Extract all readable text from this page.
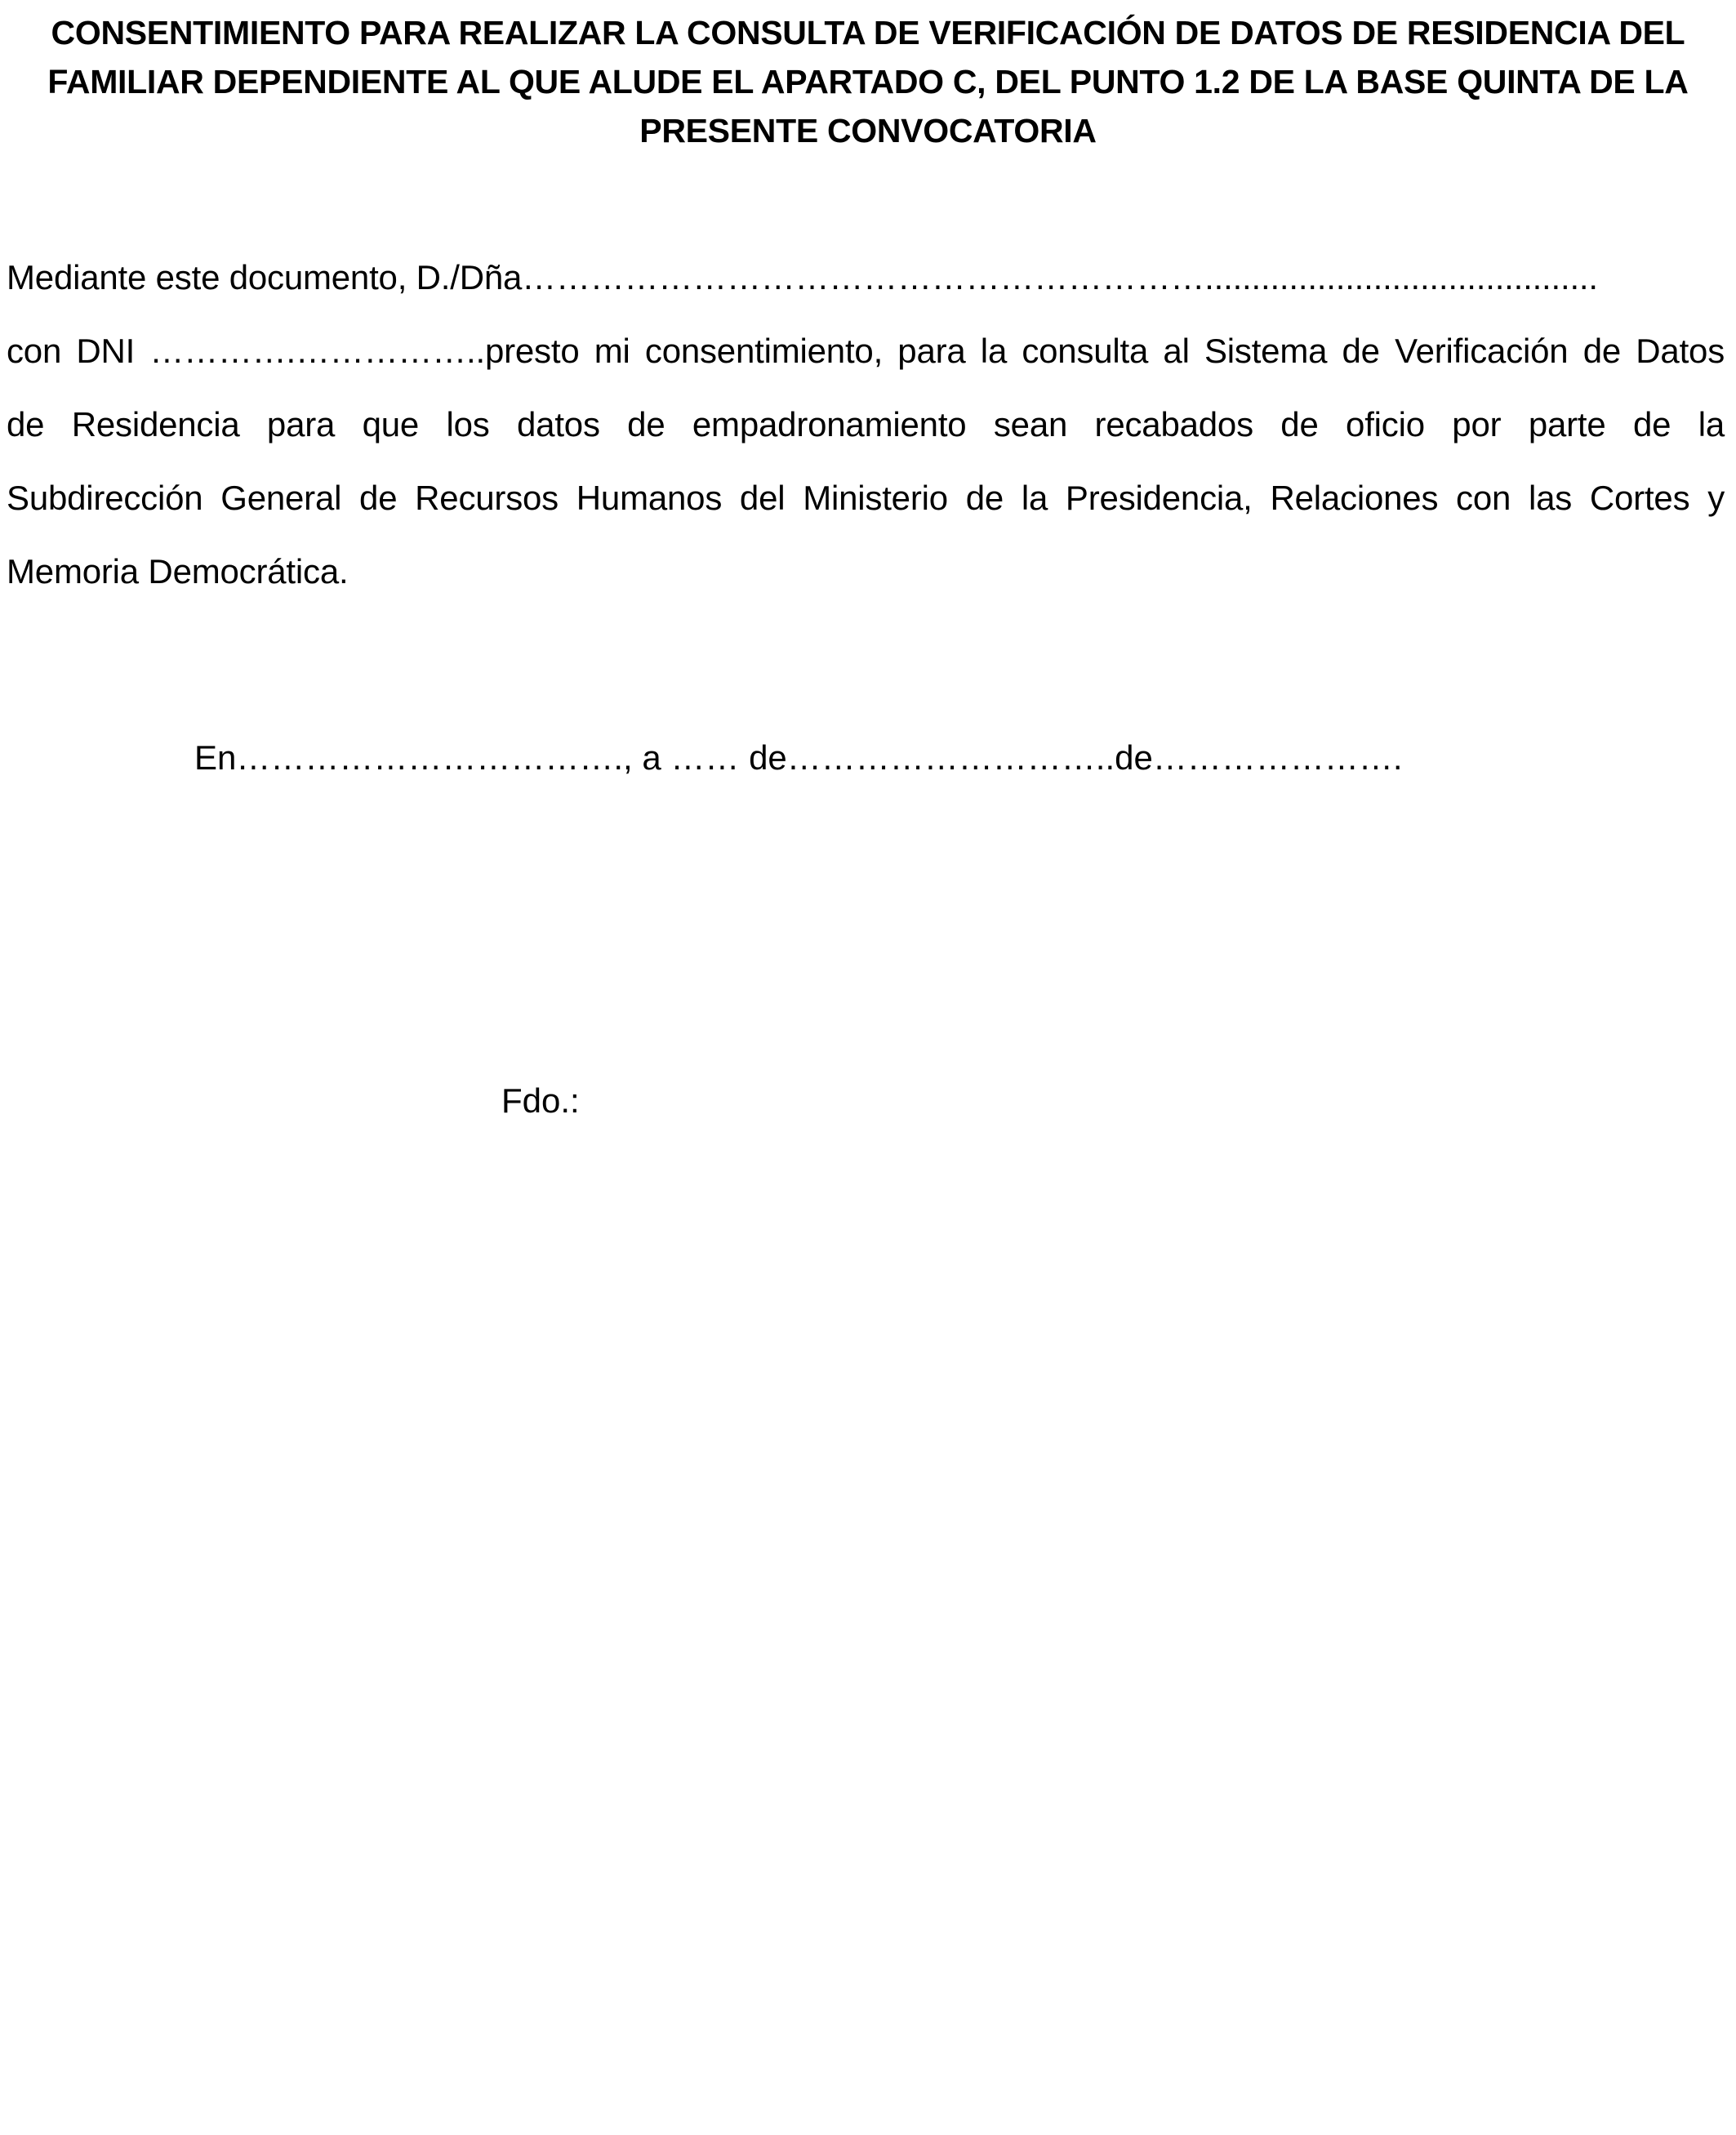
CONSENTIMIENTO PARA REALIZAR LA CONSULTA DE VERIFICACIÓN DE DATOS DE RESIDENCIA DEL
FAMILIAR DEPENDIENTE AL QUE ALUDE EL APARTADO C, DEL PUNTO 1.2 DE LA BASE QUINTA DE LA
PRESENTE CONVOCATORIA
Mediante este documento, D./Dña……………………………………………………..........................................
con DNI ………….……………..presto mi consentimiento, para la consulta al Sistema de Verificación de Datos
de Residencia para que los datos de empadronamiento sean recabados de oficio por parte de la
Subdirección General de Recursos Humanos del Ministerio de la Presidencia, Relaciones con las Cortes y
Memoria Democrática.
En……………………………., a …… de………………………..de………………….
Fdo.:
